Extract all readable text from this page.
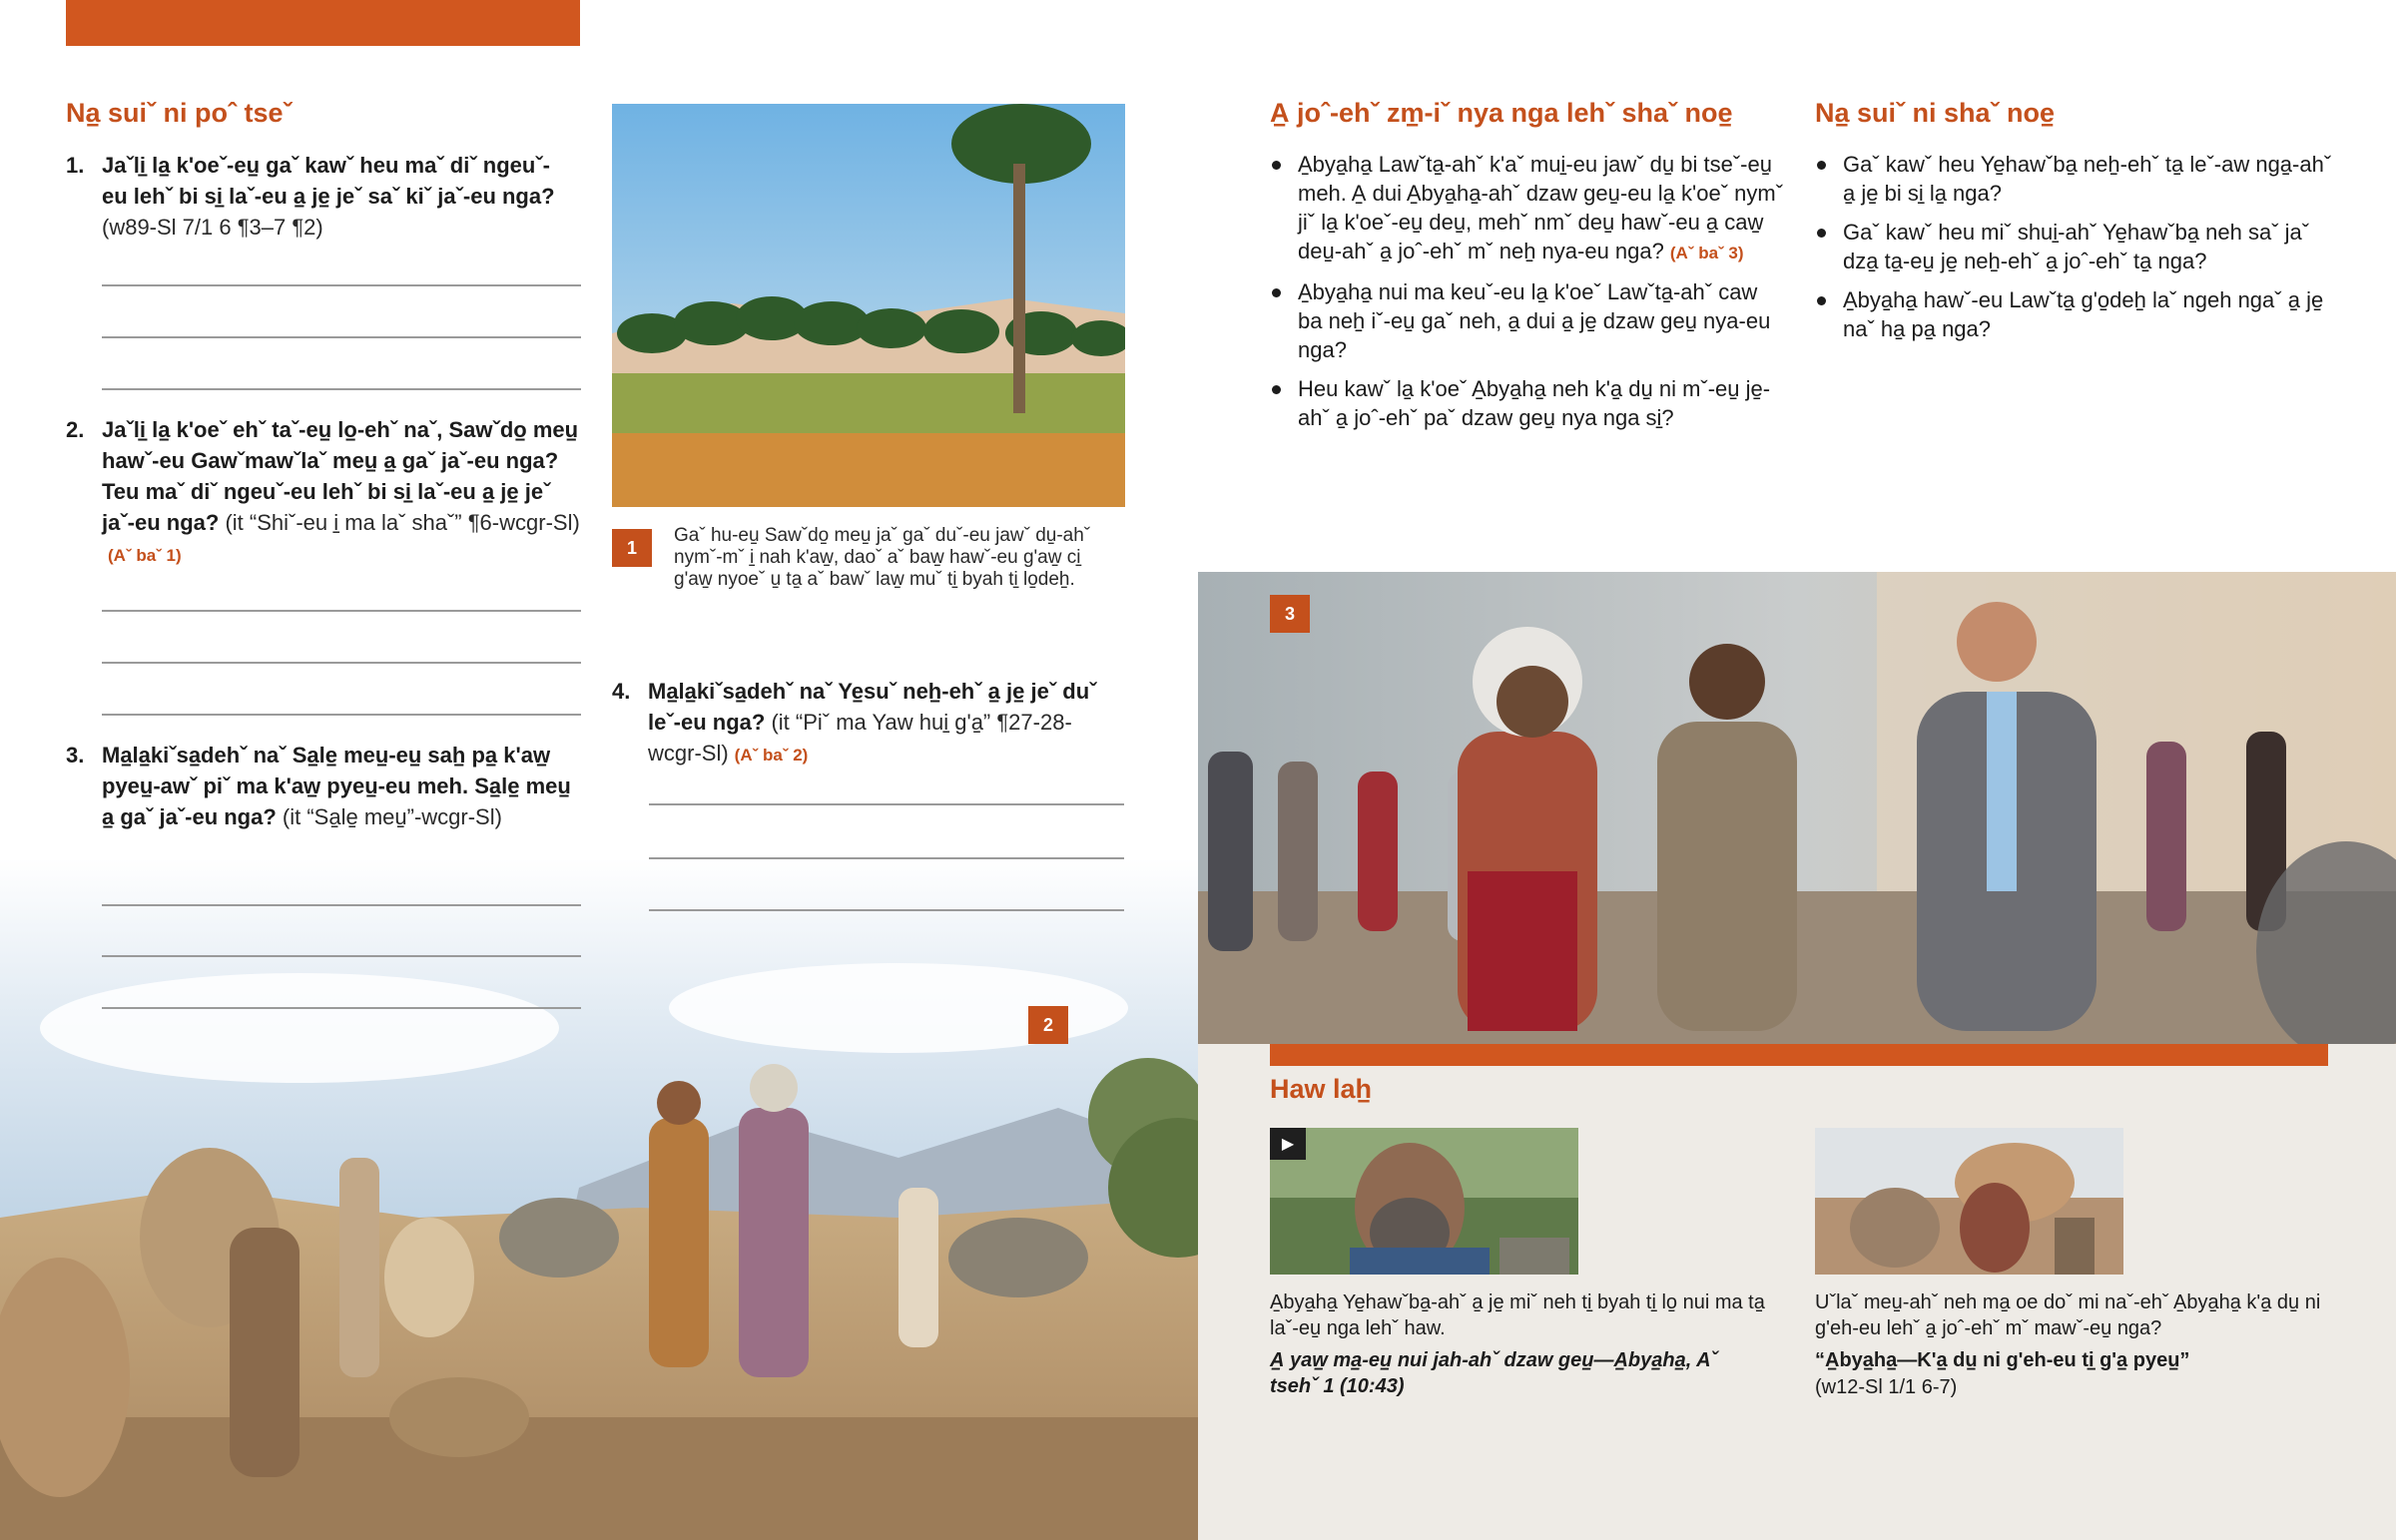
Na̠ suiˇ ni poˆ tseˇ
1. Jaˇli̠ la̠ k'oeˇ-eu̠ gaˇ kawˇ heu maˇ diˇ ngeuˇ-eu lehˇ bi si̠ laˇ-eu a̠ je̠ jeˇ saˇ kiˇ jaˇ-eu nga? (w89-Sl 7/1 6 ¶3–7 ¶2)
2. Jaˇli̠ la̠ k'oeˇ ehˇ taˇ-eu̠ lo̠-ehˇ naˇ, Sawˇdo̠ meu̠ hawˇ-eu Gawˇmawˇlaˇ meu̠ a̠ gaˇ jaˇ-eu nga? Teu maˇ diˇ ngeuˇ-eu lehˇ bi si̠ laˇ-eu a̠ je̠ jeˇ jaˇ-eu nga? (it “Shiˇ-eu i̠ ma laˇ shaˇ” ¶6-wcgr-Sl)(Aˇ baˇ 1)
3. Ma̠la̠kiˇsa̠dehˇ naˇ Sa̠le̠ meu̠-eu̠ sah̠ pa̠ k'aw̠ pyeu̠-awˇ piˇ ma k'aw̠ pyeu̠-eu meh. Sa̠le̠ meu̠ a̠ gaˇ jaˇ-eu nga? (it “Sa̠le̠ meu̠”-wcgr-Sl)
1
Gaˇ hu-eu̠ Sawˇdo̠ meu̠ jaˇ gaˇ duˇ-eu jawˇ du̠-ahˇ nymˇ-mˇ i̠ nah k'aw̠, daoˇ aˇ baw̠ hawˇ-eu g'aw̠ ci̠ g'aw̠ nyoeˇ u̠ ta̠ aˇ bawˇ law̠ muˇ ti̠ byah ti̠ lo̠deh̠.
4. Ma̠la̠kiˇsa̠dehˇ naˇ Ye̠suˇ neh̠-ehˇ a̠ je̠ jeˇ duˇ leˇ-eu nga? (it “Piˇ ma Yaw hui̠ g'a̠” ¶27-28-wcgr-Sl) (Aˇ baˇ 2)
2
A̠ joˆ-ehˇ zm̠-iˇ nya nga lehˇ shaˇ noe̠
A̠bya̠ha̠ Lawˇta̠-ahˇ k'aˇ mui̠-eu jawˇ du̠ bi tseˇ-eu̠ meh. A̠ dui A̠bya̠ha̠-ahˇ dzaw geu̠-eu la̠ k'oeˇ nymˇ jiˇ la̠ k'oeˇ-eu̠ deu̠, mehˇ nmˇ deu̠ hawˇ-eu a̠ caw̠ deu̠-ahˇ a̠ joˆ-ehˇ mˇ neh̠ nya-eu nga? (Aˇ baˇ 3)
A̠bya̠ha̠ nui ma keuˇ-eu la̠ k'oeˇ Lawˇta̠-ahˇ caw ba neh̠ iˇ-eu̠ gaˇ neh, a̠ dui a̠ je̠ dzaw geu̠ nya-eu nga?
Heu kawˇ la̠ k'oeˇ A̠bya̠ha̠ neh k'a̠ du̠ ni mˇ-eu̠ je̠-ahˇ a̠ joˆ-ehˇ paˇ dzaw geu̠ nya nga si̠?
Na̠ suiˇ ni shaˇ noe̠
Gaˇ kawˇ heu Ye̠hawˇba̠ neh̠-ehˇ ta̠ leˇ-aw nga̠-ahˇ a̠ je̠ bi si̠ la̠ nga?
Gaˇ kawˇ heu miˇ shui̠-ahˇ Ye̠hawˇba̠ neh saˇ jaˇ dza̠ ta̠-eu̠ je̠ neh̠-ehˇ a̠ joˆ-ehˇ ta̠ nga?
A̠bya̠ha̠ hawˇ-eu Lawˇta̠ g'o̠deh̠ laˇ ngeh ngaˇ a̠ je̠ naˇ ha̠ pa̠ nga?
3
Haw lah̠
▶
A̠bya̠ha̠ Ye̠hawˇba̠-ahˇ a̠ je̠ miˇ neh ti̠ byah ti̠ lo̠ nui ma ta̠ laˇ-eu̠ nga lehˇ haw.
A̠ yaw̠ ma̠-eu̠ nui jah-ahˇ dzaw geu̠—A̠bya̠ha̠, Aˇ tsehˇ 1 (10:43)
Uˇlaˇ meu̠-ahˇ neh ma̠ oe doˇ mi naˇ-ehˇ A̠bya̠ha̠ k'a̠ du̠ ni g'eh-eu lehˇ a̠ joˆ-ehˇ mˇ mawˇ-eu̠ nga?
“A̠bya̠ha̠—K'a̠ du̠ ni g'eh-eu ti̠ g'a̠ pyeu̠”
(w12-Sl 1/1 6-7)
